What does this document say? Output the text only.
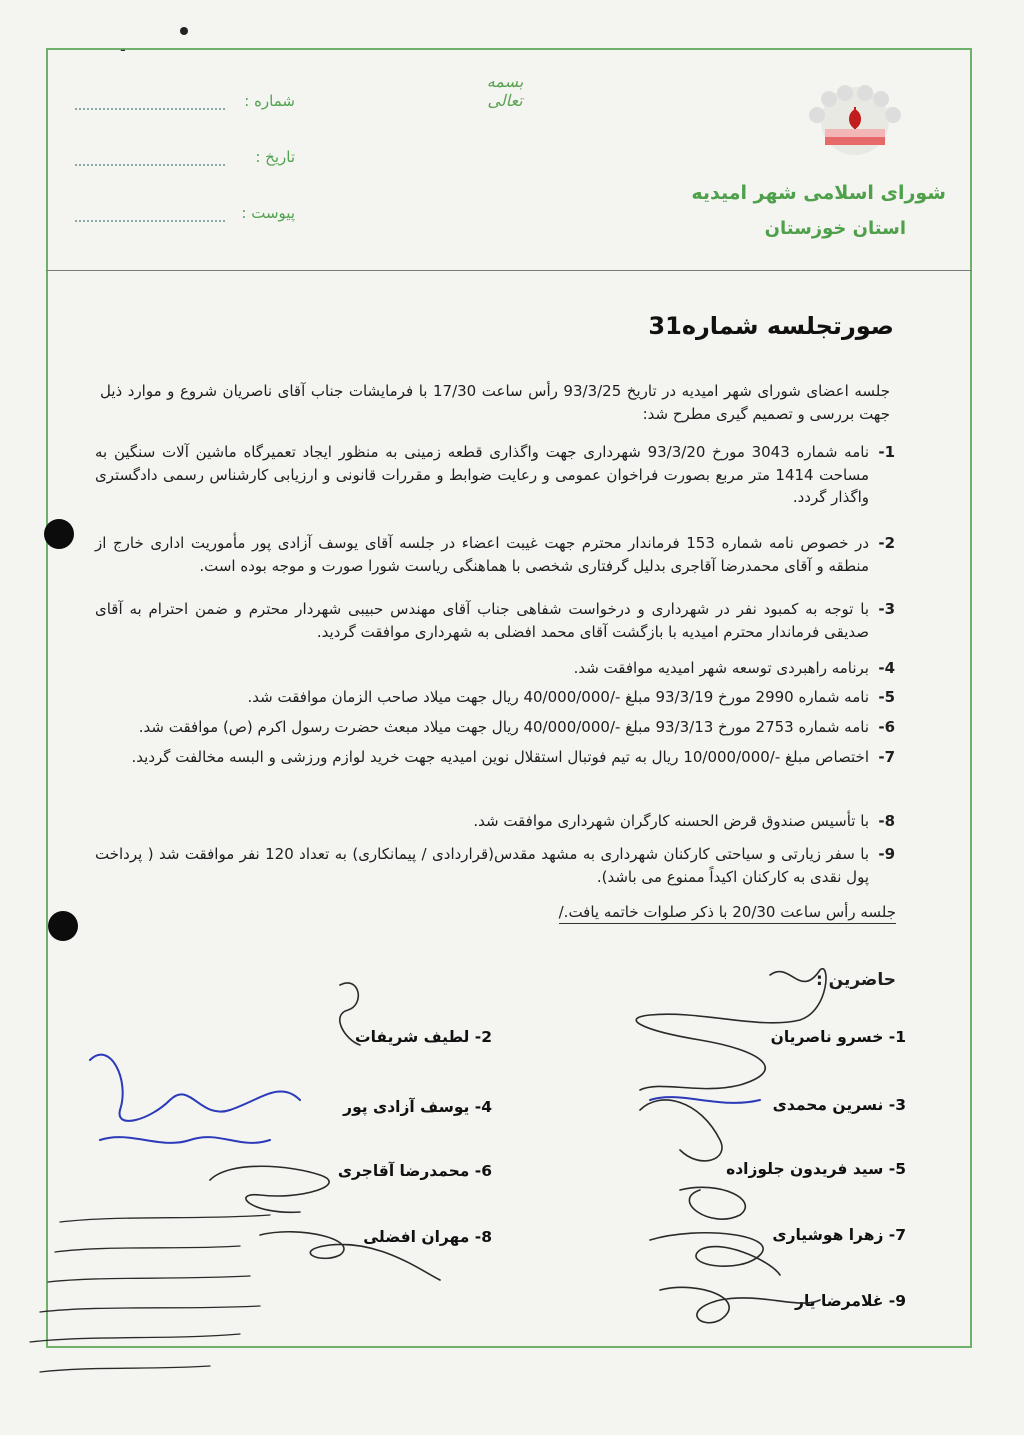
-
بسمه تعالی
شماره :
تاریخ :
پیوست :
شورای اسلامی شهر امیدیه
استان خوزستان
صورتجلسه شماره31
جلسه اعضای شورای شهر امیدیه در تاریخ 93/3/25 رأس ساعت 17/30 با فرمایشات جناب آقای ناصریان شروع و موارد ذیل جهت بررسی و تصمیم گیری مطرح شد:
1-
نامه شماره 3043 مورخ 93/3/20 شهرداری جهت واگذاری قطعه زمینی به منظور ایجاد تعمیرگاه ماشین آلات سنگین به مساحت 1414 متر مربع بصورت فراخوان عمومی و رعایت ضوابط و مقررات قانونی و ارزیابی کارشناس رسمی دادگستری واگذار گردد.
2-
در خصوص نامه شماره 153 فرماندار محترم جهت غیبت اعضاء در جلسه آقای یوسف آزادی پور مأموریت اداری خارج از منطقه و آقای محمدرضا آقاجری بدلیل گرفتاری شخصی با هماهنگی ریاست شورا صورت و موجه بوده است.
3-
با توجه به کمبود نفر در شهرداری و درخواست شفاهی جناب آقای مهندس حبیبی شهردار محترم و ضمن احترام به آقای صدیقی فرماندار محترم امیدیه با بازگشت آقای محمد افضلی به شهرداری موافقت گردید.
4-
برنامه راهبردی توسعه شهر امیدیه موافقت شد.
5-
نامه شماره 2990 مورخ 93/3/19 مبلغ -/40/000/000 ریال جهت میلاد صاحب الزمان موافقت شد.
6-
نامه شماره 2753 مورخ 93/3/13 مبلغ -/40/000/000 ریال جهت میلاد مبعث حضرت رسول اکرم (ص) موافقت شد.
7-
اختصاص مبلغ -/10/000/000 ریال به تیم فوتبال استقلال نوین امیدیه جهت خرید لوازم ورزشی و البسه مخالفت گردید.
8-
با تأسیس صندوق قرض الحسنه کارگران شهرداری موافقت شد.
9-
با سفر زیارتی و سیاحتی کارکنان شهرداری به مشهد مقدس(قراردادی / پیمانکاری) به تعداد 120 نفر موافقت شد ( پرداخت پول نقدی به کارکنان اکیداً ممنوع می باشد).
جلسه رأس ساعت 20/30 با ذکر صلوات خاتمه یافت./
حاضرین :
1- خسرو ناصریان
3- نسرین محمدی
5- سید فریدون جلوزاده
7- زهرا هوشیاری
9- غلامرضا یار
2- لطیف شریفات
4- یوسف آزادی پور
6- محمدرضا آقاجری
8- مهران افضلی
